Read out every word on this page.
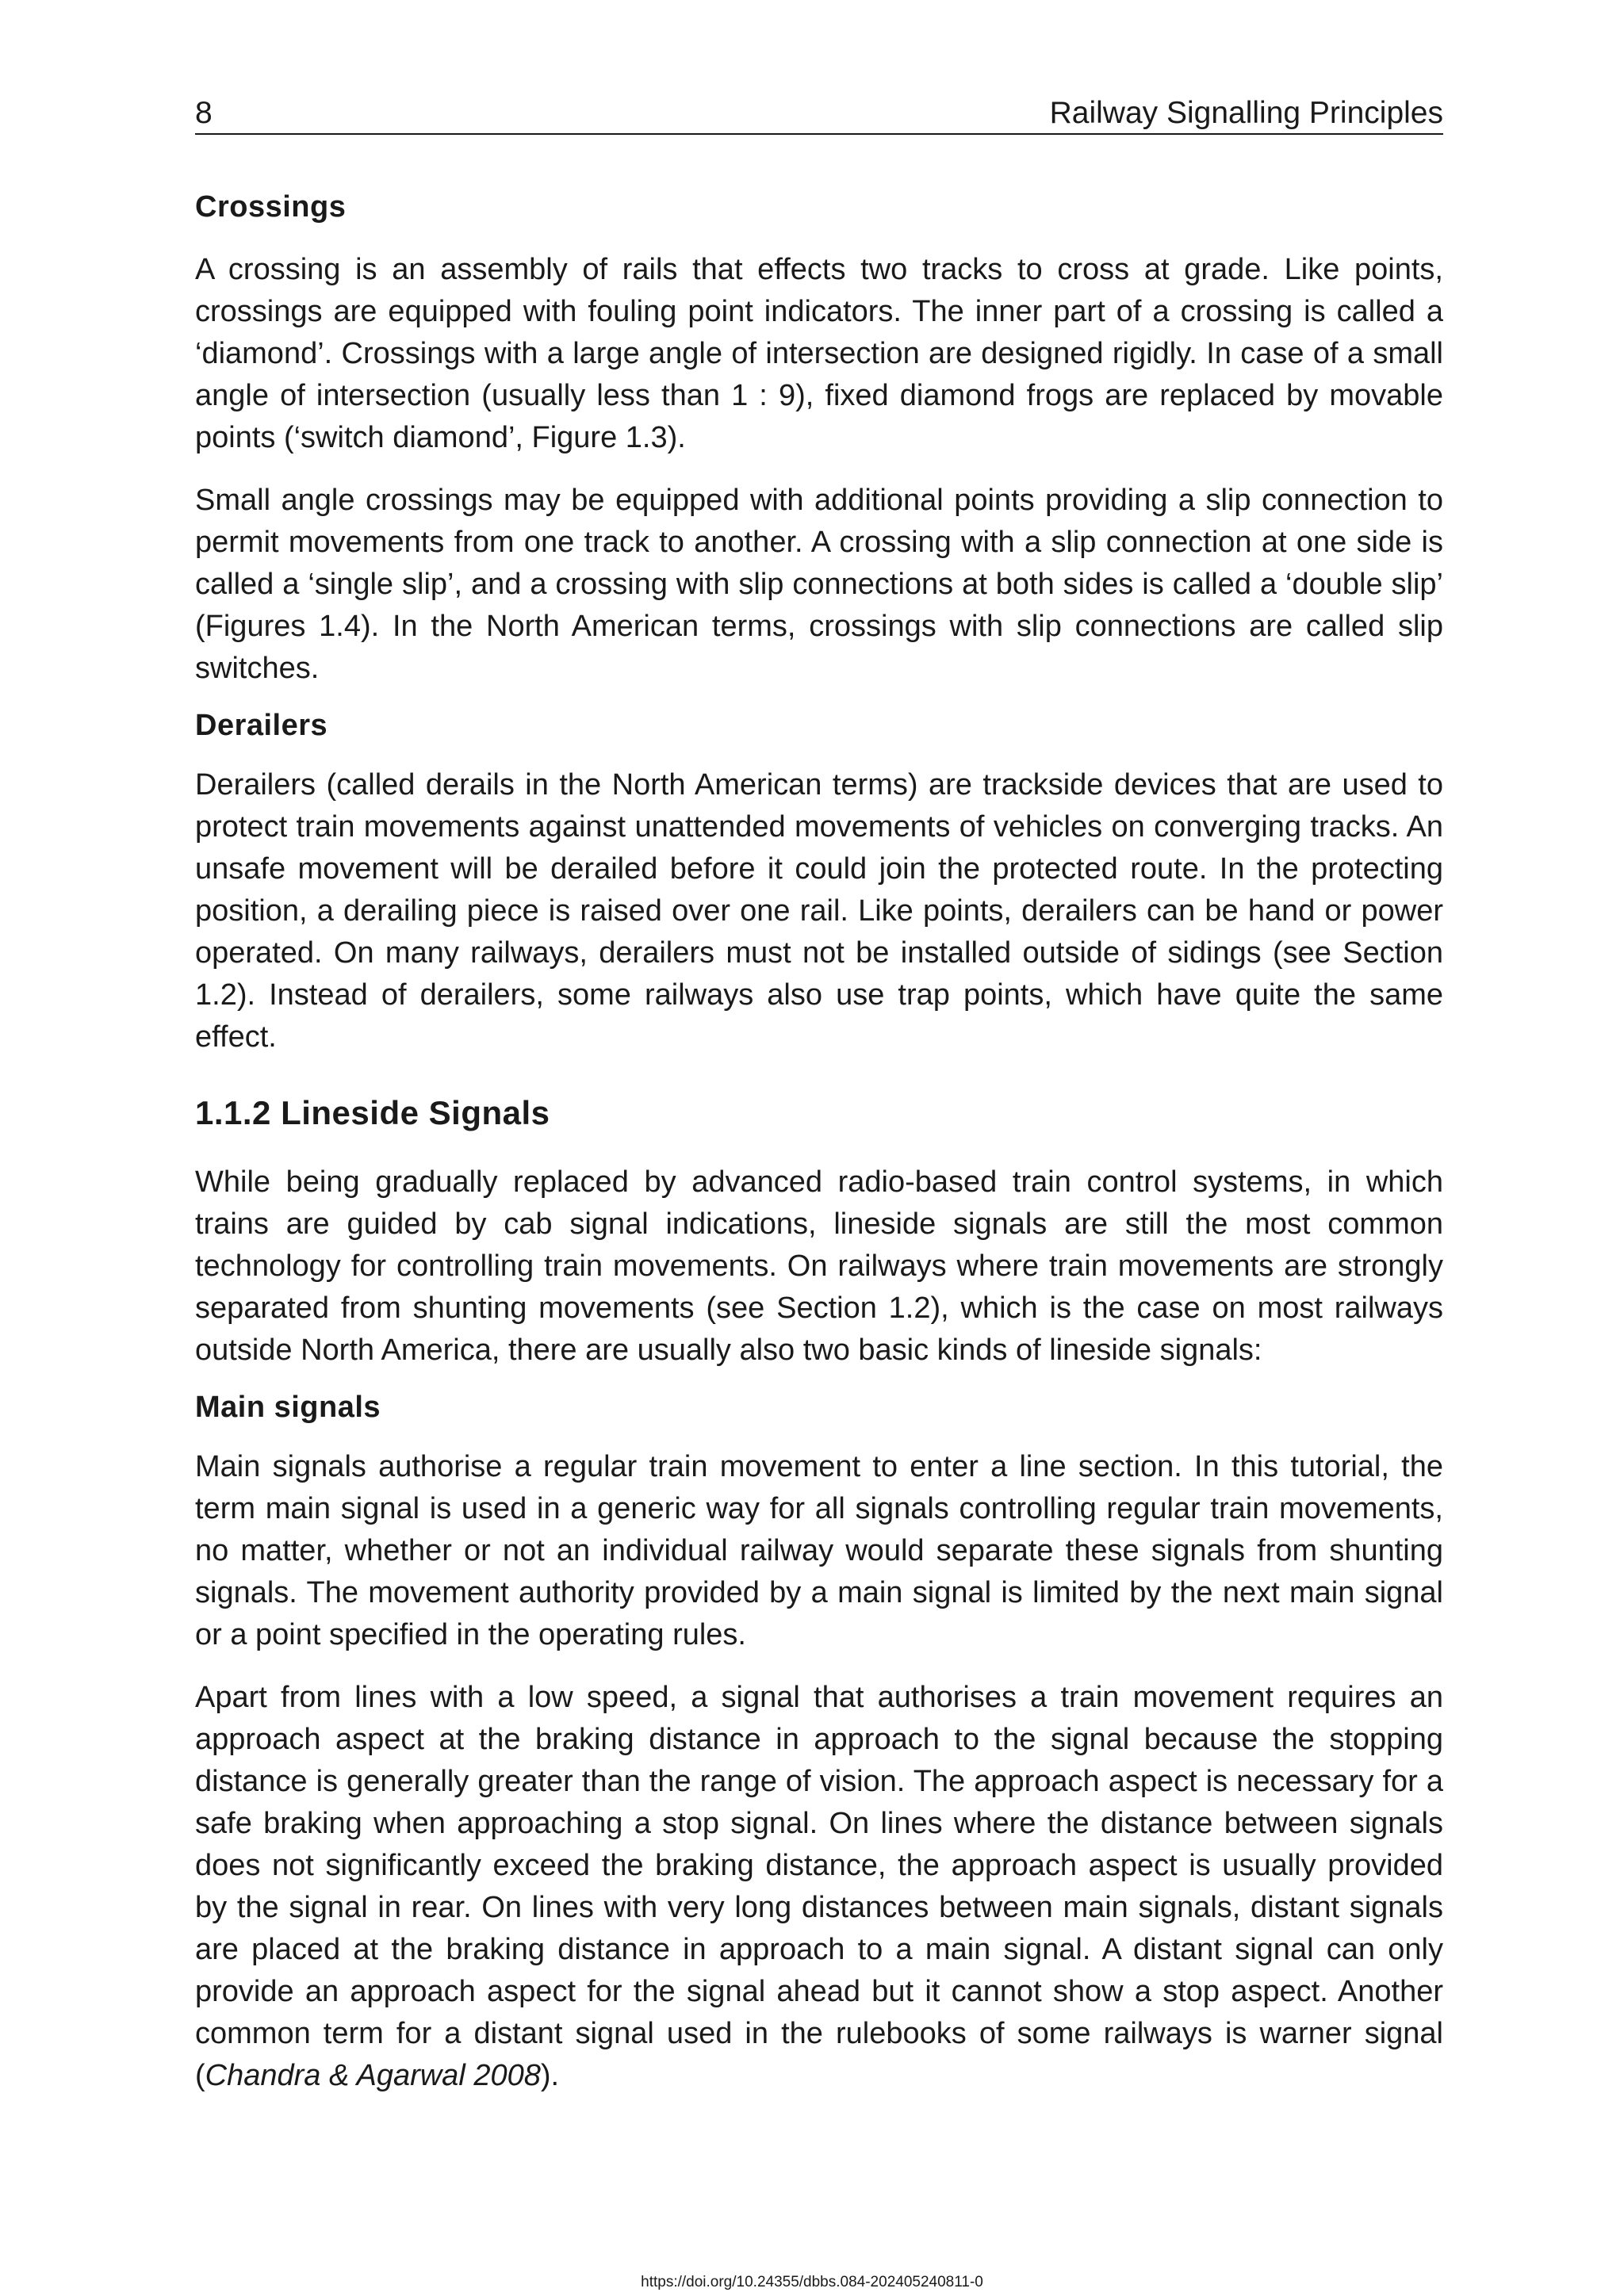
8	Railway Signalling Principles
Crossings

A crossing is an assembly of rails that effects two tracks to cross at grade. Like points, crossings are equipped with fouling point indicators. The inner part of a crossing is called a ‘diamond’. Crossings with a large angle of intersection are designed rigidly. In case of a small angle of intersection (usually less than 1 : 9), fixed diamond frogs are replaced by movable points (‘switch diamond’, Figure 1.3).

Small angle crossings may be equipped with additional points providing a slip connection to permit movements from one track to another. A crossing with a slip connection at one side is called a ‘single slip’, and a crossing with slip connections at both sides is called a ‘double slip’ (Figures 1.4). In the North American terms, crossings with slip connections are called slip switches.

Derailers

Derailers (called derails in the North American terms) are trackside devices that are used to protect train movements against unattended movements of vehicles on converging tracks. An unsafe movement will be derailed before it could join the protected route. In the protecting position, a derailing piece is raised over one rail. Like points, derailers can be hand or power operated. On many railways, derailers must not be installed outside of sidings (see Section 1.2). Instead of derailers, some railways also use trap points, which have quite the same effect.

1.1.2 Lineside Signals

While being gradually replaced by advanced radio-based train control systems, in which trains are guided by cab signal indications, lineside signals are still the most common technology for controlling train movements. On railways where train movements are strongly separated from shunting movements (see Section 1.2), which is the case on most railways outside North America, there are usually also two basic kinds of lineside signals:

Main signals

Main signals authorise a regular train movement to enter a line section. In this tutorial, the term main signal is used in a generic way for all signals controlling regular train movements, no matter, whether or not an individual railway would separate these signals from shunting signals. The movement authority provided by a main signal is limited by the next main signal or a point specified in the operating rules.

Apart from lines with a low speed, a signal that authorises a train movement requires an approach aspect at the braking distance in approach to the signal because the stopping distance is generally greater than the range of vision. The approach aspect is necessary for a safe braking when approaching a stop signal. On lines where the distance between signals does not significantly exceed the braking distance, the approach aspect is usually provided by the signal in rear. On lines with very long distances between main signals, distant signals are placed at the braking distance in approach to a main signal. A distant signal can only provide an approach aspect for the signal ahead but it cannot show a stop aspect. Another common term for a distant signal used in the rulebooks of some railways is warner signal (Chandra & Agarwal 2008).

https://doi.org/10.24355/dbbs.084-202405240811-0
